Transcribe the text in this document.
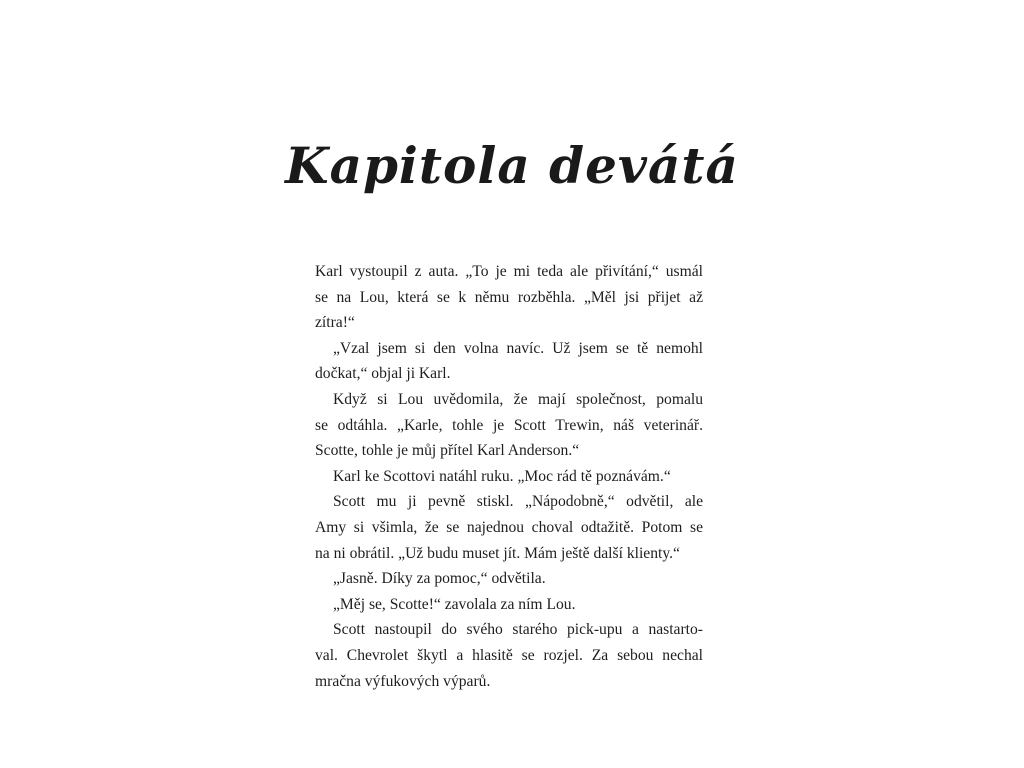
Kapitola devátá
Karl vystoupil z auta. „To je mi teda ale přivítání,“ usmál
se na Lou, která se k němu rozběhla. „Měl jsi přijet až
zítra!“
„Vzal jsem si den volna navíc. Už jsem se tě nemohl
dočkat,“ objal ji Karl.
Když si Lou uvědomila, že mají společnost, pomalu
se odtáhla. „Karle, tohle je Scott Trewin, náš veterinář.
Scotte, tohle je můj přítel Karl Anderson.“
Karl ke Scottovi natáhl ruku. „Moc rád tě poznávám.“
Scott mu ji pevně stiskl. „Nápodobně,“ odvětil, ale
Amy si všimla, že se najednou choval odtažitě. Potom se
na ni obrátil. „Už budu muset jít. Mám ještě další klienty.“
„Jasně. Díky za pomoc,“ odvětila.
„Měj se, Scotte!“ zavolala za ním Lou.
Scott nastoupil do svého starého pick-upu a nastarto-
val. Chevrolet škytl a hlasitě se rozjel. Za sebou nechal
mračna výfukových výparů.
